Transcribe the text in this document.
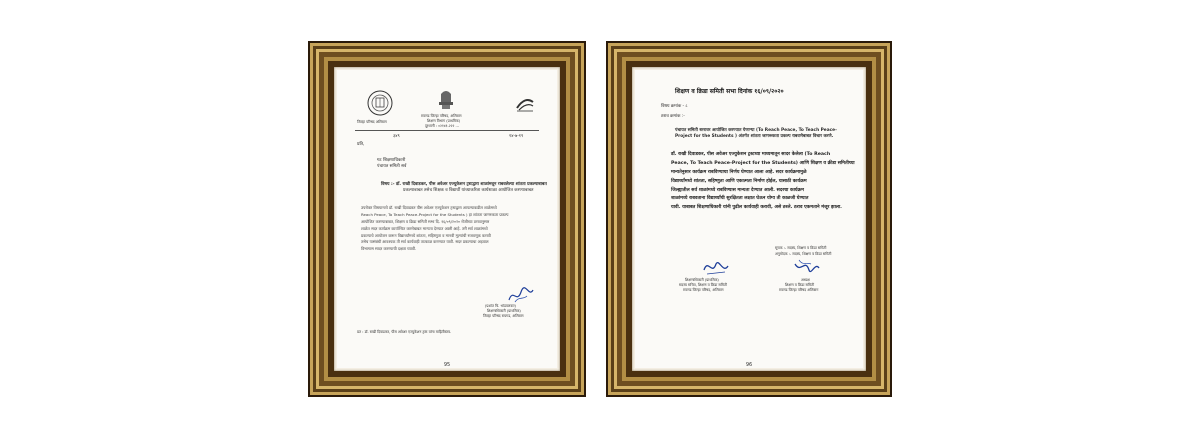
जिल्हा परिषद अलिबाग
रायगड जिल्हा परिषद, अलिबाग
शिक्षण विभाग (प्राथमिक)
दूरध्वनी : ०२१४१-२२२ ...
३४९	१४-७-१९
प्रति,
गट शिक्षणाधिकारी
पंचायत समिती सर्व
विषय :- डॉ. राखी दिवाडकर, पीस अवेअर एज्युकेशन ट्रस्टद्वारा शाळांमधून राबवलेल्या शांतता प्रकल्पाबाबत
प्रकल्पाबाबत तसेच शिक्षक व विद्यार्थी यांच्याकरिता कार्यशाळा आयोजित करण्याबाबत
उपरोक्त विषयान्वये डॉ. राखी दिवाडकर पीस अवेअर एज्युकेशन ट्रस्टद्वारा आपल्याकडील शाळेमध्ये
Reach Peace, To Teach Peace-Project for the Students ) हा शांतता जागरुकता प्रकल्प
आयोजित करण्याबाबत, शिक्षण व क्रिडा समिती सभा दि. १६/०९/२०२० रोजीच्या ठरावानुसार
शाळेत सदर कार्यक्रम कार्यान्वित करणेबाबत मान्यता देण्यात आली आहे. तरी सर्व शाळांमध्ये
प्रकल्पाचे आयोजन करून विद्यार्थ्यांमध्ये शांतता, सहिष्णुता व मानवी मूल्यांची रुजवणूक करावी
तसेच यासंबंधी आवश्यक ती सर्व कार्यवाही तात्काळ करण्यात यावी. सदर प्रकल्पाचा अहवाल
विभागास सादर करण्याची दक्षता घ्यावी.
(प्रशांत चि. भांडवलकर)
शिक्षणाधिकारी (प्राथमिक)
जिल्हा परिषद रायगड, अलिबाग
प्रत : डॉ. राखी दिवाडकर, पीस अवेअर एज्युकेशन ट्रस्ट यांना माहितीस्तव.
95
शिक्षण व क्रिडा समिती सभा दिनांक १६/०९/२०२०
विषय क्रमांक - ८
ठराव क्रमांक :-
पंचायत समिती स्तरावर आयोजित करण्यात येणाऱ्या (To Reach Peace, To Teach Peace-
Project for the Students ) अंतर्गत शांतता जागरूकता प्रकल्प राबवणेबाबत विचार करणे.
डॉ. राखी दिवाडकर, पीस अवेअर एज्युकेशन ट्रस्टच्या माध्यमातून सादर केलेला (To Reach
Peace, To Teach Peace-Project for the Students) आणि शिक्षण व क्रीडा समितीच्या
मान्यतेनुसार कार्यक्रम राबविण्याचा निर्णय घेण्यात आला आहे. सदर कार्यक्रमामुळे
विद्यार्थ्यांमध्ये शांतता, सहिष्णुता आणि एकात्मता निर्माण होईल, यासाठी कार्यक्रम
जिल्ह्यातील सर्व शाळांमध्ये राबविण्यास मान्यता देण्यात आली. सदरचा कार्यक्रम
शाळांमध्ये राबवताना विद्यार्थ्यांची सुरक्षितता लक्षात घेऊन योग्य ती काळजी घेण्यात
यावी. याबाबत शिक्षणाधिकारी यांनी पुढील कार्यवाही करावी, असे ठरले. ठराव एकमताने मंजूर झाला.
सूचक :- सदस्य, शिक्षण व क्रिडा समिती
अनुमोदक :- सदस्य, शिक्षण व क्रिडा समिती
शिक्षणाधिकारी (प्राथमिक)
सदस्य सचिव, शिक्षण व क्रिडा समिती
रायगड जिल्हा परिषद, अलिबाग
अध्यक्ष
शिक्षण व क्रिडा समिती
रायगड जिल्हा परिषद अलिबाग
96
